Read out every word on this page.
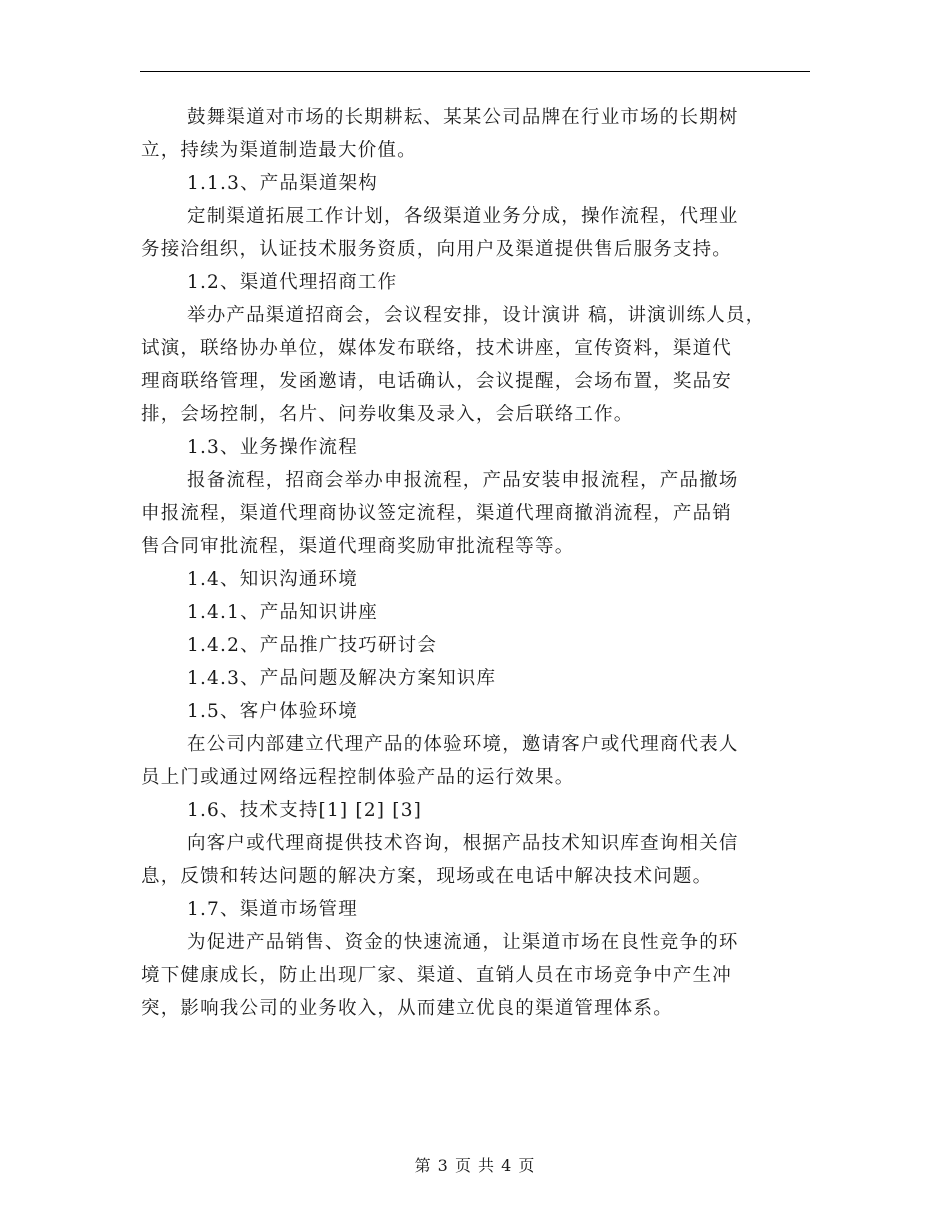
鼓舞渠道对市场的长期耕耘、某某公司品牌在行业市场的长期树
立，持续为渠道制造最大价值。

1.1.3、产品渠道架构

定制渠道拓展工作计划，各级渠道业务分成，操作流程，代理业
务接洽组织，认证技术服务资质，向用户及渠道提供售后服务支持。

1.2、渠道代理招商工作

举办产品渠道招商会，会议程安排，设计演讲 稿，讲演训练人员，
试演，联络协办单位，媒体发布联络，技术讲座，宣传资料，渠道代
理商联络管理，发函邀请，电话确认，会议提醒，会场布置，奖品安
排，会场控制，名片、问券收集及录入，会后联络工作。

1.3、业务操作流程

报备流程，招商会举办申报流程，产品安装申报流程，产品撤场
申报流程，渠道代理商协议签定流程，渠道代理商撤消流程，产品销
售合同审批流程，渠道代理商奖励审批流程等等。

1.4、知识沟通环境

1.4.1、产品知识讲座

1.4.2、产品推广技巧研讨会

1.4.3、产品问题及解决方案知识库

1.5、客户体验环境

在公司内部建立代理产品的体验环境，邀请客户或代理商代表人
员上门或通过网络远程控制体验产品的运行效果。

1.6、技术支持[1] [2] [3]

向客户或代理商提供技术咨询，根据产品技术知识库查询相关信
息，反馈和转达问题的解决方案，现场或在电话中解决技术问题。

1.7、渠道市场管理

为促进产品销售、资金的快速流通，让渠道市场在良性竞争的环
境下健康成长，防止出现厂家、渠道、直销人员在市场竞争中产生冲
突，影响我公司的业务收入，从而建立优良的渠道管理体系。

第 3 页 共 4 页
